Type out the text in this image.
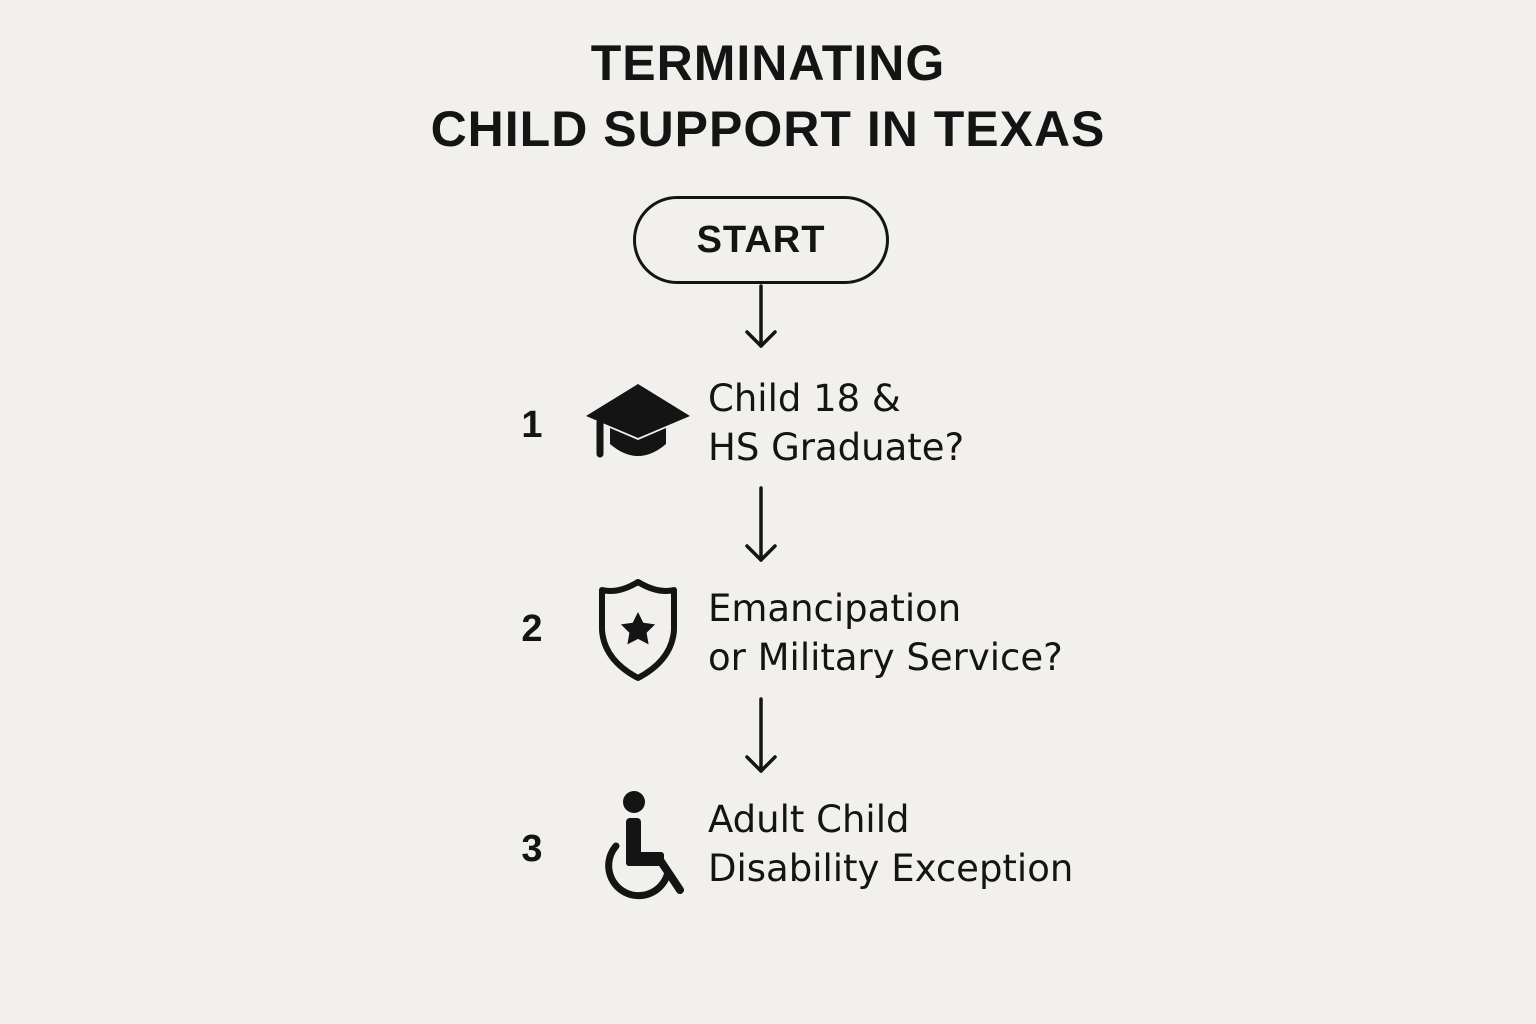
TERMINATING
CHILD SUPPORT IN TEXAS
START
1
Child 18 &
HS Graduate?
2	Emancipation
or Military Service?
3
Adult Child
Disability Exception
